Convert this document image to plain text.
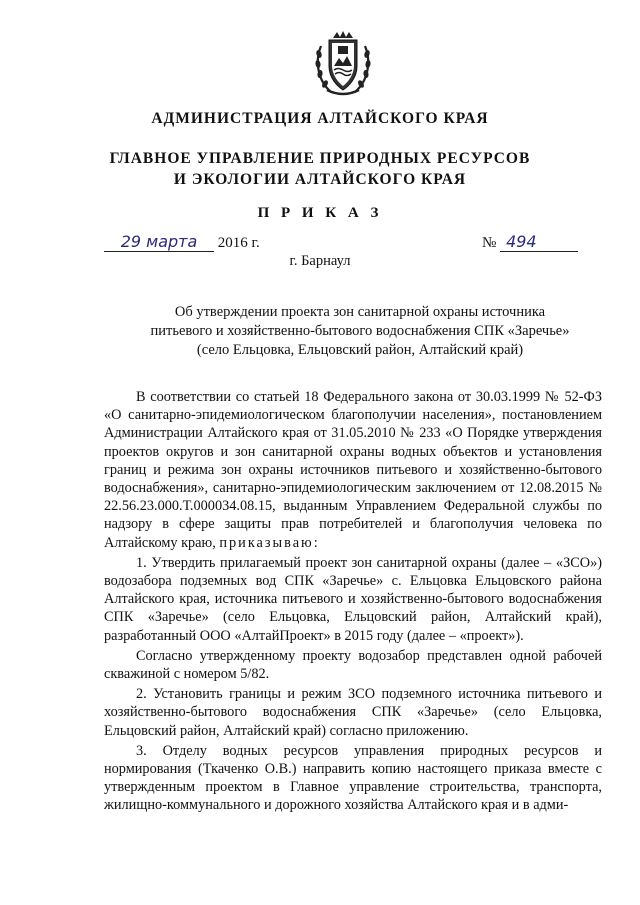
АДМИНИСТРАЦИЯ АЛТАЙСКОГО КРАЯ
ГЛАВНОЕ УПРАВЛЕНИЕ ПРИРОДНЫХ РЕСУРСОВ
И ЭКОЛОГИИ АЛТАЙСКОГО КРАЯ
П Р И К А З
29 марта 2016 г.	№ 494
г. Барнаул
Об утверждении проекта зон санитарной охраны источника
питьевого и хозяйственно-бытового водоснабжения СПК «Заречье»
(село Ельцовка, Ельцовский район, Алтайский край)

В соответствии со статьей 18 Федерального закона от 30.03.1999 № 52-ФЗ «О санитарно-эпидемиологическом благополучии населения», постановлением Администрации Алтайского края от 31.05.2010 № 233 «О Порядке утверждения проектов округов и зон санитарной охраны водных объектов и установления границ и режима зон охраны источников питьевого и хозяйственно-бытового водоснабжения», санитарно-эпидемиологическим заключением от 12.08.2015 № 22.56.23.000.Т.000034.08.15, выданным Управлением Федеральной службы по надзору в сфере защиты прав потребителей и благополучия человека по Алтайскому краю, приказываю:

1. Утвердить прилагаемый проект зон санитарной охраны (далее – «ЗСО») водозабора подземных вод СПК «Заречье» с. Ельцовка Ельцовского района Алтайского края, источника питьевого и хозяйственно-бытового водоснабжения СПК «Заречье» (село Ельцовка, Ельцовский район, Алтайский край), разработанный ООО «АлтайПроект» в 2015 году (далее – «проект»).

Согласно утвержденному проекту водозабор представлен одной рабочей скважиной с номером 5/82.

2. Установить границы и режим ЗСО подземного источника питьевого и хозяйственно-бытового водоснабжения СПК «Заречье» (село Ельцовка, Ельцовский район, Алтайский край) согласно приложению.

3. Отделу водных ресурсов управления природных ресурсов и нормирования (Ткаченко О.В.) направить копию настоящего приказа вместе с утвержденным проектом в Главное управление строительства, транспорта, жилищно-коммунального и дорожного хозяйства Алтайского края и в адми-
